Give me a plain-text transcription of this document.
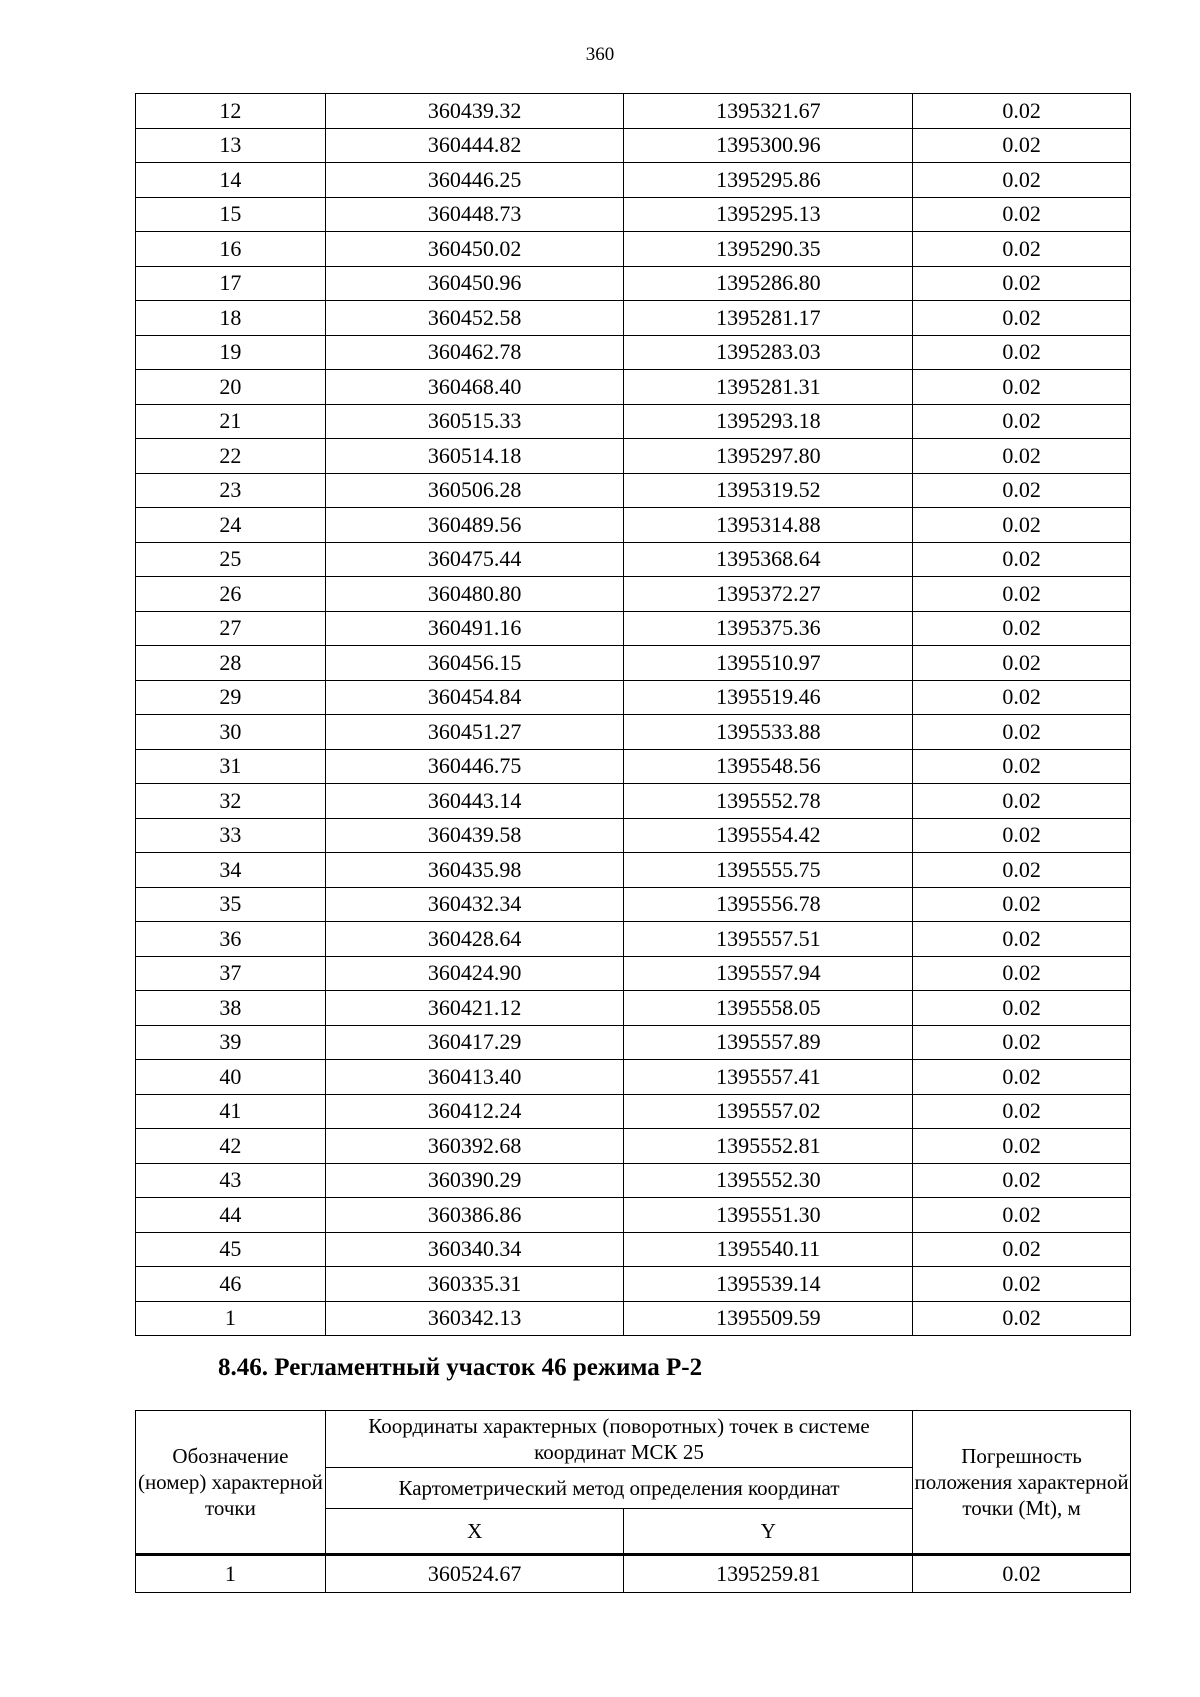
360
12	360439.32	1395321.67	0.02
13	360444.82	1395300.96	0.02
14	360446.25	1395295.86	0.02
15	360448.73	1395295.13	0.02
16	360450.02	1395290.35	0.02
17	360450.96	1395286.80	0.02
18	360452.58	1395281.17	0.02
19	360462.78	1395283.03	0.02
20	360468.40	1395281.31	0.02
21	360515.33	1395293.18	0.02
22	360514.18	1395297.80	0.02
23	360506.28	1395319.52	0.02
24	360489.56	1395314.88	0.02
25	360475.44	1395368.64	0.02
26	360480.80	1395372.27	0.02
27	360491.16	1395375.36	0.02
28	360456.15	1395510.97	0.02
29	360454.84	1395519.46	0.02
30	360451.27	1395533.88	0.02
31	360446.75	1395548.56	0.02
32	360443.14	1395552.78	0.02
33	360439.58	1395554.42	0.02
34	360435.98	1395555.75	0.02
35	360432.34	1395556.78	0.02
36	360428.64	1395557.51	0.02
37	360424.90	1395557.94	0.02
38	360421.12	1395558.05	0.02
39	360417.29	1395557.89	0.02
40	360413.40	1395557.41	0.02
41	360412.24	1395557.02	0.02
42	360392.68	1395552.81	0.02
43	360390.29	1395552.30	0.02
44	360386.86	1395551.30	0.02
45	360340.34	1395540.11	0.02
46	360335.31	1395539.14	0.02
1	360342.13	1395509.59	0.02
8.46. Регламентный участок 46 режима Р-2
Обозначение (номер) характерной точки	Координаты характерных (поворотных) точек в системе координат МСК 25		Погрешность положения характерной точки (Mt), м
	Картометрический метод определения координат		
	X	Y	
1	360524.67	1395259.81	0.02
